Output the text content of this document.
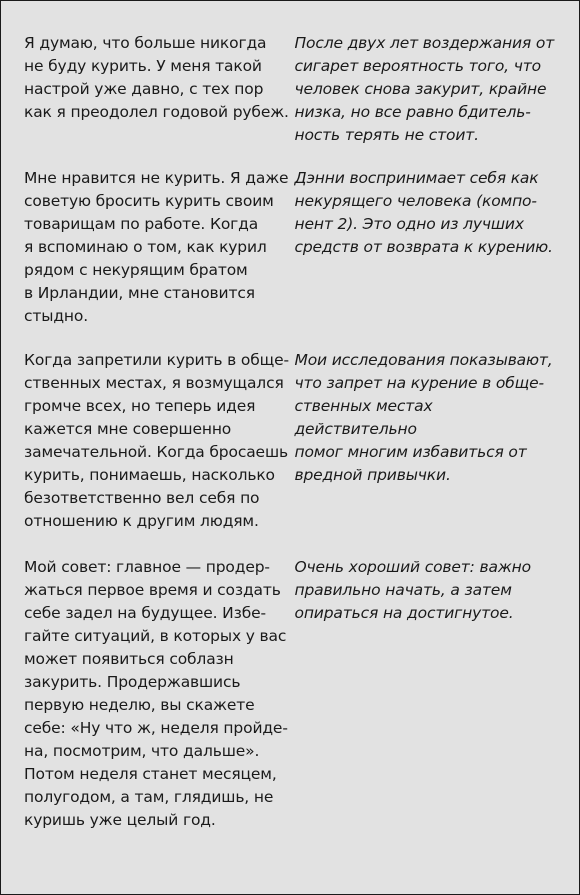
Я думаю, что больше никогда
не буду курить. У меня такой
настрой уже давно, с тех пор
как я преодолел годовой рубеж.
После двух лет воздержания от
сигарет вероятность того, что
человек снова закурит, крайне
низка, но все равно бдитель-
ность терять не стоит.
Мне нравится не курить. Я даже
советую бросить курить своим
товарищам по работе. Когда
я вспоминаю о том, как курил
рядом с некурящим братом
в Ирландии, мне становится
стыдно.
Дэнни воспринимает себя как
некурящего человека (компо-
нент 2). Это одно из лучших
средств от возврата к курению.
Когда запретили курить в обще-
ственных местах, я возмущался
громче всех, но теперь идея
кажется мне совершенно
замечательной. Когда бросаешь
курить, понимаешь, насколько
безответственно вел себя по
отношению к другим людям.
Мои исследования показывают,
что запрет на курение в обще-
ственных местах действительно
помог многим избавиться от
вредной привычки.
Мой совет: главное — продер-
жаться первое время и создать
себе задел на будущее. Избе-
гайте ситуаций, в которых у вас
может появиться соблазн
закурить. Продержавшись
первую неделю, вы скажете
себе: «Ну что ж, неделя пройде-
на, посмотрим, что дальше».
Потом неделя станет месяцем,
полугодом, а там, глядишь, не
куришь уже целый год.
Очень хороший совет: важно
правильно начать, а затем
опираться на достигнутое.
